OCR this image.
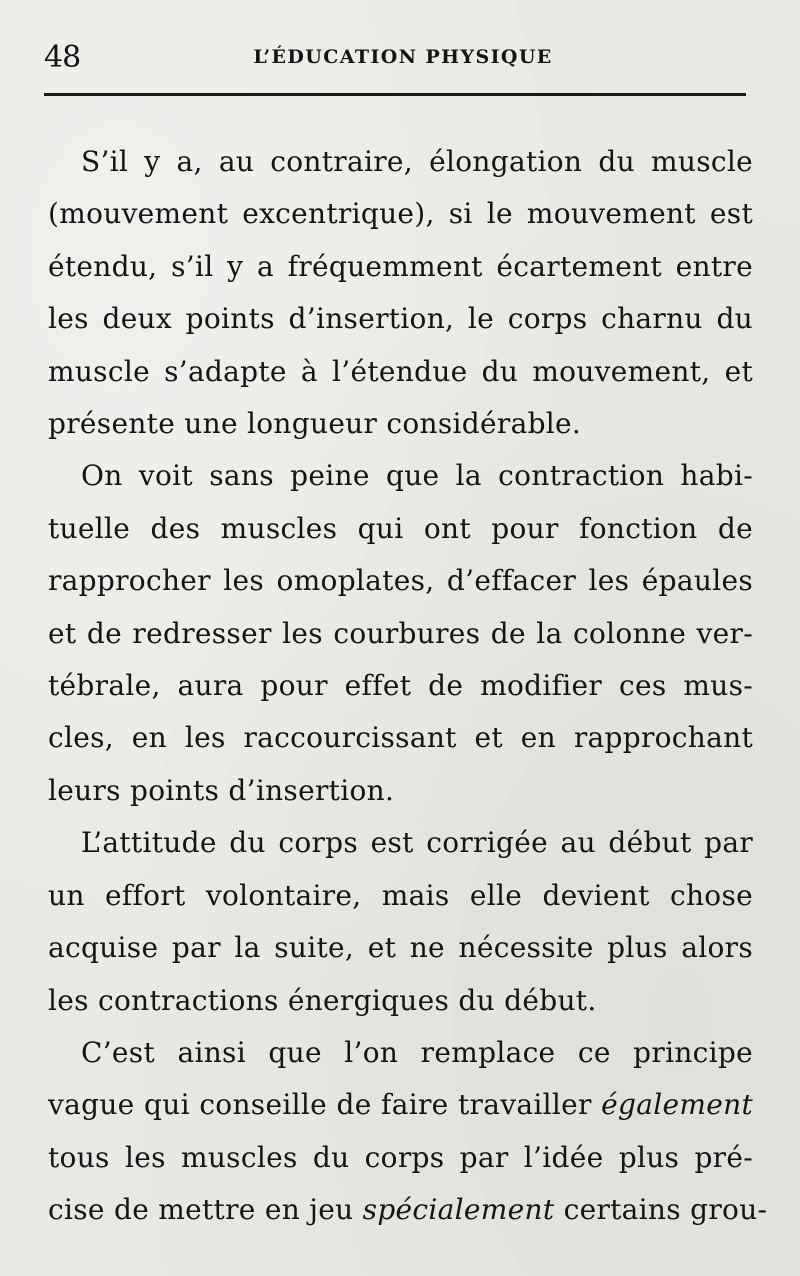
48	L’ÉDUCATION PHYSIQUE

S’il y a, au contraire, élongation du muscle
(mouvement excentrique), si le mouvement est
étendu, s’il y a fréquemment écartement entre
les deux points d’insertion, le corps charnu du
muscle s’adapte à l’étendue du mouvement, et
présente une longueur considérable.

On voit sans peine que la contraction habi-
tuelle des muscles qui ont pour fonction de
rapprocher les omoplates, d’effacer les épaules
et de redresser les courbures de la colonne ver-
tébrale, aura pour effet de modifier ces mus-
cles, en les raccourcissant et en rapprochant
leurs points d’insertion.

L’attitude du corps est corrigée au début par
un effort volontaire, mais elle devient chose
acquise par la suite, et ne nécessite plus alors
les contractions énergiques du début.

C’est ainsi que l’on remplace ce principe
vague qui conseille de faire travailler également
tous les muscles du corps par l’idée plus pré-
cise de mettre en jeu spécialement certains grou-
